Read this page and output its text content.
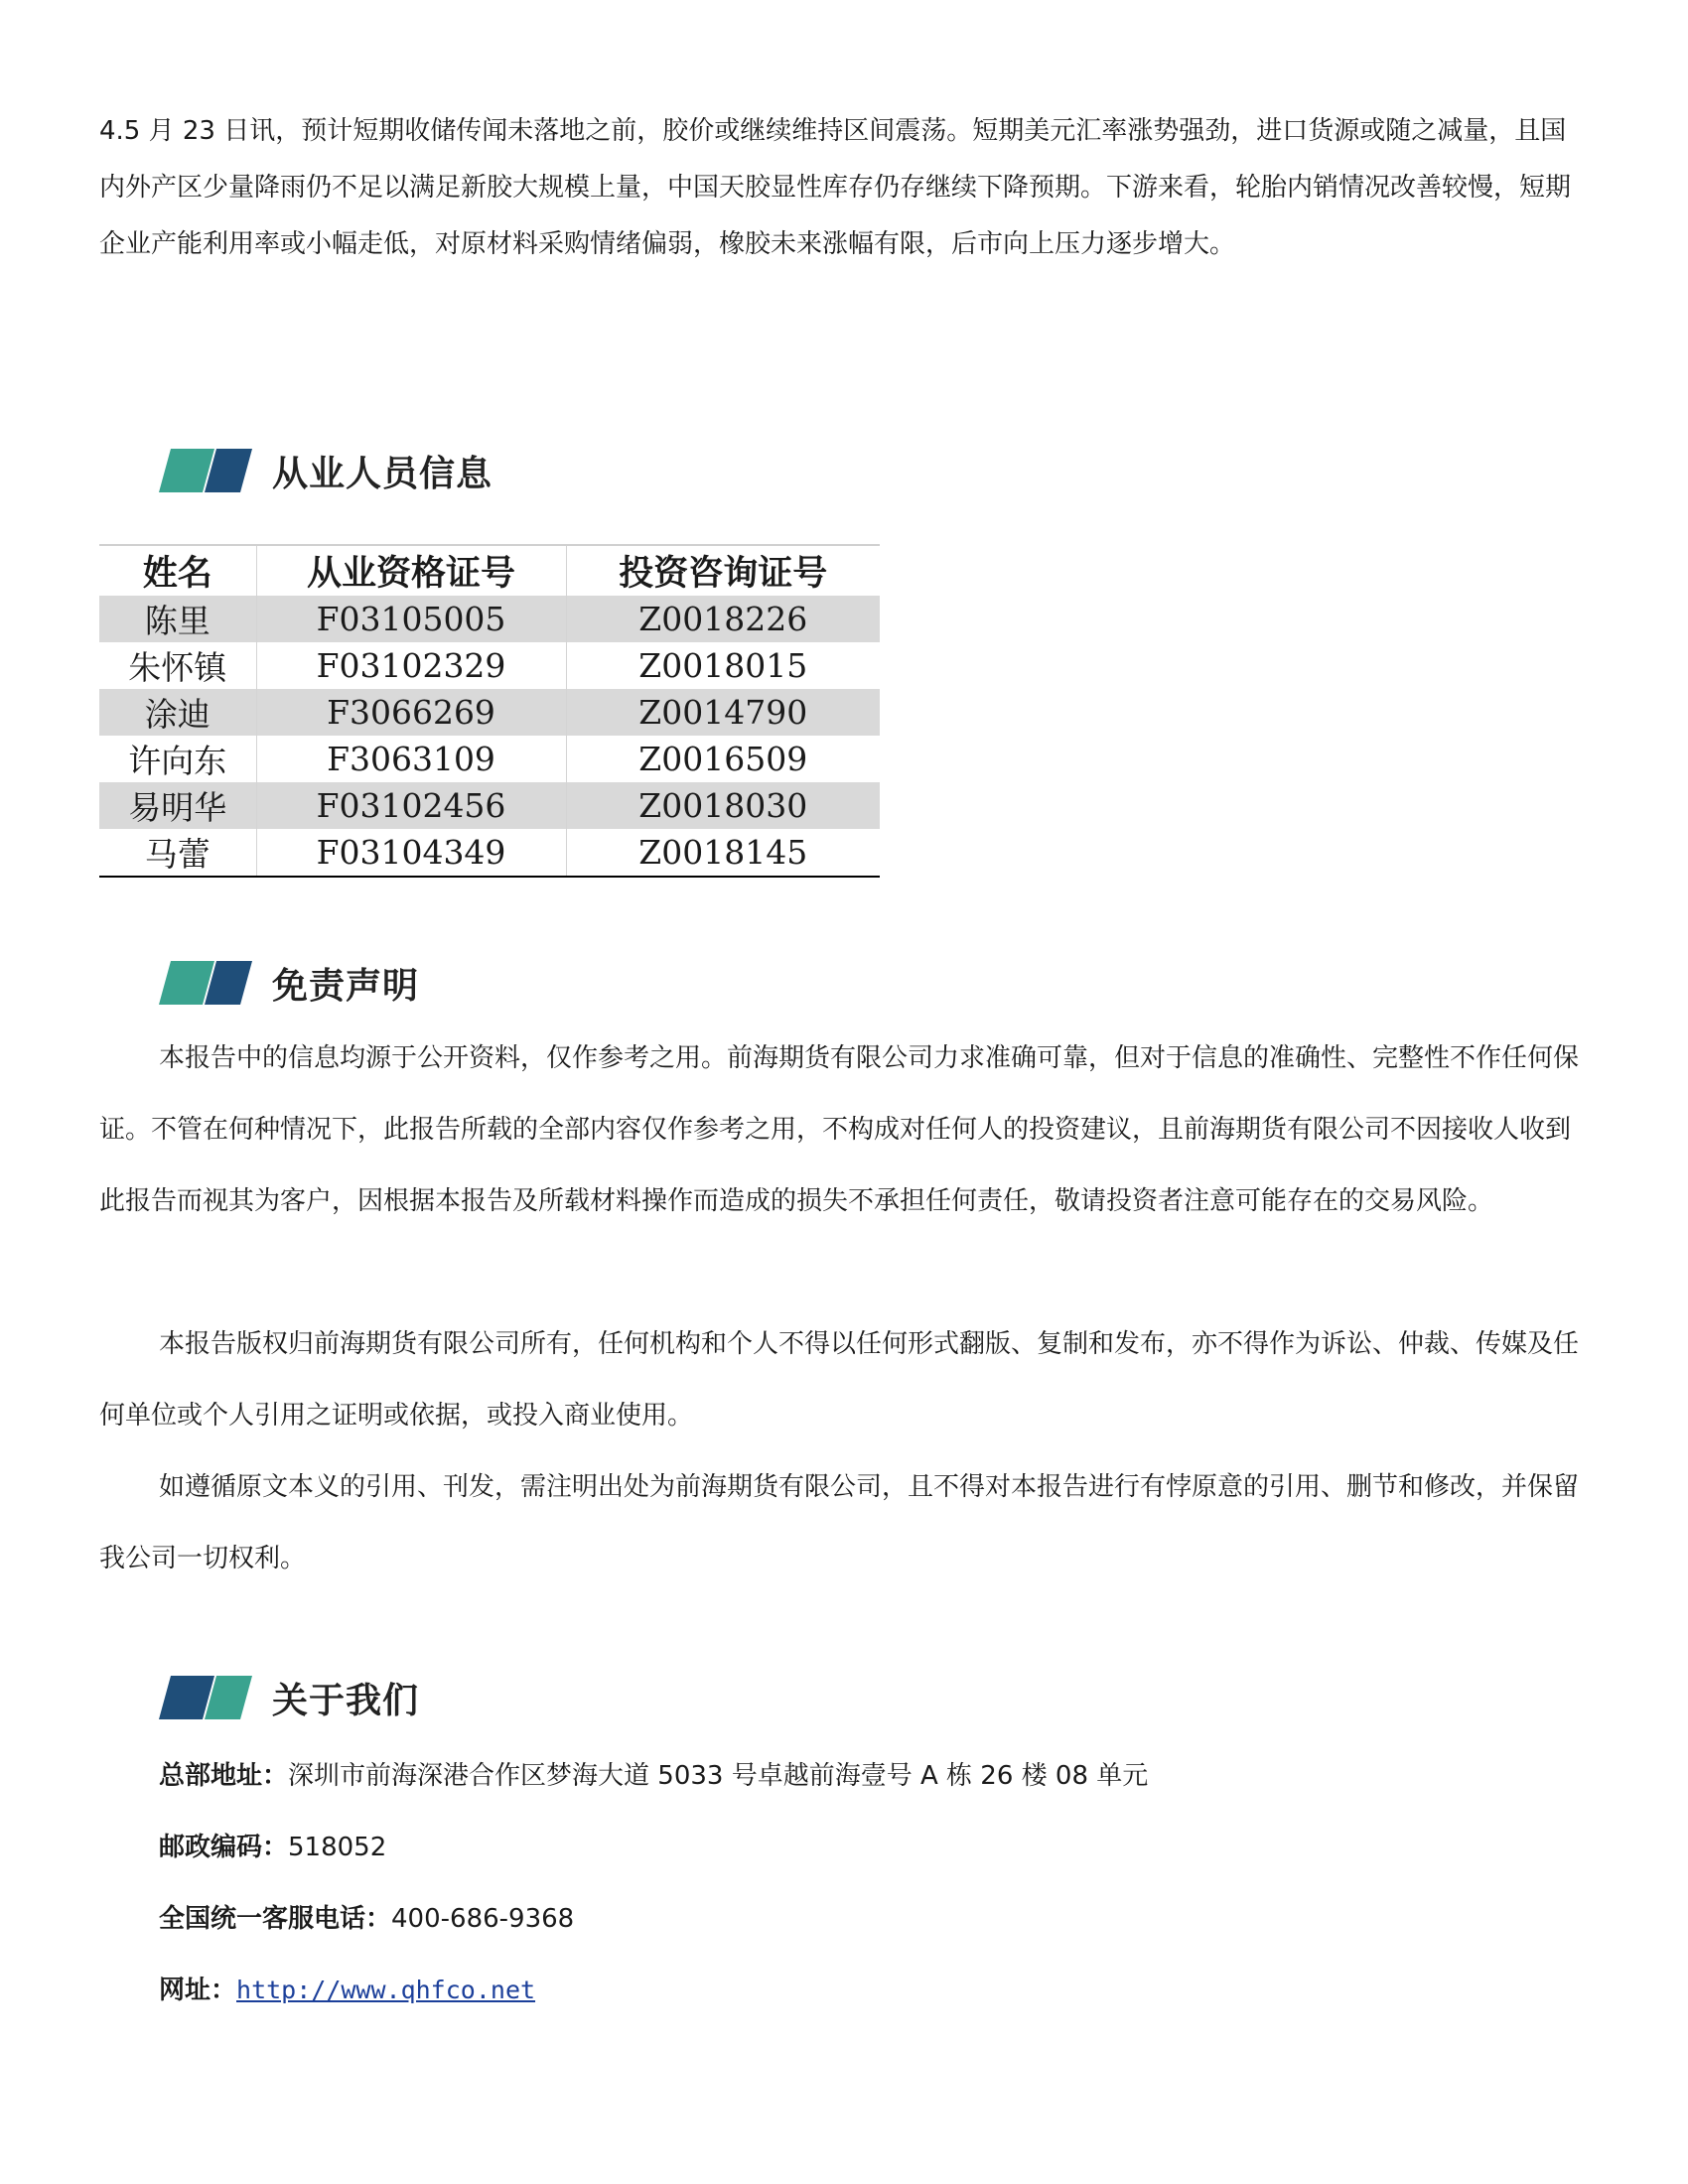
4.5 月 23 日讯，预计短期收储传闻未落地之前，胶价或继续维持区间震荡。短期美元汇率涨势强劲，进口货源或随之减量，且国内外产区少量降雨仍不足以满足新胶大规模上量，中国天胶显性库存仍存继续下降预期。下游来看，轮胎内销情况改善较慢，短期企业产能利用率或小幅走低，对原材料采购情绪偏弱，橡胶未来涨幅有限，后市向上压力逐步增大。
从业人员信息
姓名	从业资格证号	投资咨询证号
陈里	F03105005	Z0018226
朱怀镇	F03102329	Z0018015
涂迪	F3066269	Z0014790
许向东	F3063109	Z0016509
易明华	F03102456	Z0018030
马蕾	F03104349	Z0018145
免责声明
本报告中的信息均源于公开资料，仅作参考之用。前海期货有限公司力求准确可靠，但对于信息的准确性、完整性不作任何保证。不管在何种情况下，此报告所载的全部内容仅作参考之用，不构成对任何人的投资建议，且前海期货有限公司不因接收人收到此报告而视其为客户，因根据本报告及所载材料操作而造成的损失不承担任何责任，敬请投资者注意可能存在的交易风险。
本报告版权归前海期货有限公司所有，任何机构和个人不得以任何形式翻版、复制和发布，亦不得作为诉讼、仲裁、传媒及任何单位或个人引用之证明或依据，或投入商业使用。
如遵循原文本义的引用、刊发，需注明出处为前海期货有限公司，且不得对本报告进行有悖原意的引用、删节和修改，并保留我公司一切权利。
关于我们
总部地址：深圳市前海深港合作区梦海大道 5033 号卓越前海壹号 A 栋 26 楼 08 单元
邮政编码：518052
全国统一客服电话：400-686-9368
网址：http://www.qhfco.net
